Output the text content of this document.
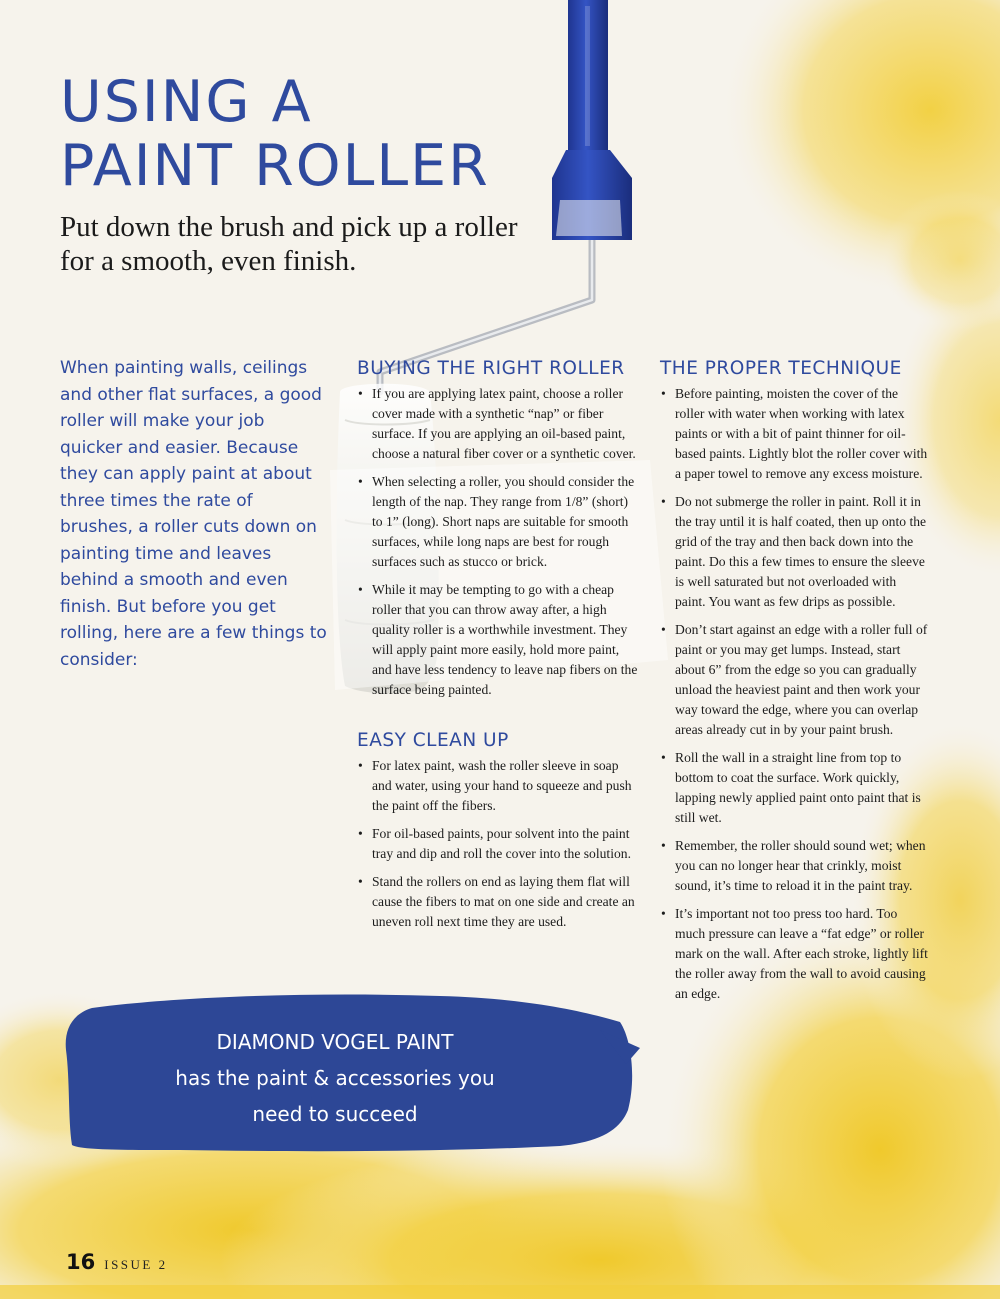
USING A
PAINT ROLLER

Put down the brush and pick up a roller for a smooth, even finish.

When painting walls, ceilings and other flat surfaces, a good roller will make your job quicker and easier. Because they can apply paint at about three times the rate of brushes, a roller cuts down on painting time and leaves behind a smooth and even finish. But before you get rolling, here are a few things to consider:

BUYING THE RIGHT ROLLER
• If you are applying latex paint, choose a roller cover made with a synthetic “nap” or fiber surface. If you are applying an oil-based paint, choose a natural fiber cover or a synthetic cover.
• When selecting a roller, you should consider the length of the nap. They range from 1/8” (short) to 1” (long). Short naps are suitable for smooth surfaces, while long naps are best for rough surfaces such as stucco or brick.
• While it may be tempting to go with a cheap roller that you can throw away after, a high quality roller is a worthwhile investment. They will apply paint more easily, hold more paint, and have less tendency to leave nap fibers on the surface being painted.
EASY CLEAN UP
• For latex paint, wash the roller sleeve in soap and water, using your hand to squeeze and push the paint off the fibers.
• For oil-based paints, pour solvent into the paint tray and dip and roll the cover into the solution.
• Stand the rollers on end as laying them flat will cause the fibers to mat on one side and create an uneven roll next time they are used.
THE PROPER TECHNIQUE
• Before painting, moisten the cover of the roller with water when working with latex paints or with a bit of paint thinner for oil-based paints. Lightly blot the roller cover with a paper towel to remove any excess moisture.
• Do not submerge the roller in paint. Roll it in the tray until it is half coated, then up onto the grid of the tray and then back down into the paint. Do this a few times to ensure the sleeve is well saturated but not overloaded with paint. You want as few drips as possible.
• Don’t start against an edge with a roller full of paint or you may get lumps. Instead, start about 6” from the edge so you can gradually unload the heaviest paint and then work your way toward the edge, where you can overlap areas already cut in by your paint brush.
• Roll the wall in a straight line from top to bottom to coat the surface. Work quickly, lapping newly applied paint onto paint that is still wet.
• Remember, the roller should sound wet; when you can no longer hear that crinkly, moist sound, it’s time to reload it in the paint tray.
• It’s important not too press too hard. Too much pressure can leave a “fat edge” or roller mark on the wall. After each stroke, lightly lift the roller away from the wall to avoid causing an edge.
DIAMOND VOGEL PAINT
has the paint & accessories you
need to succeed
16 ISSUE 2
